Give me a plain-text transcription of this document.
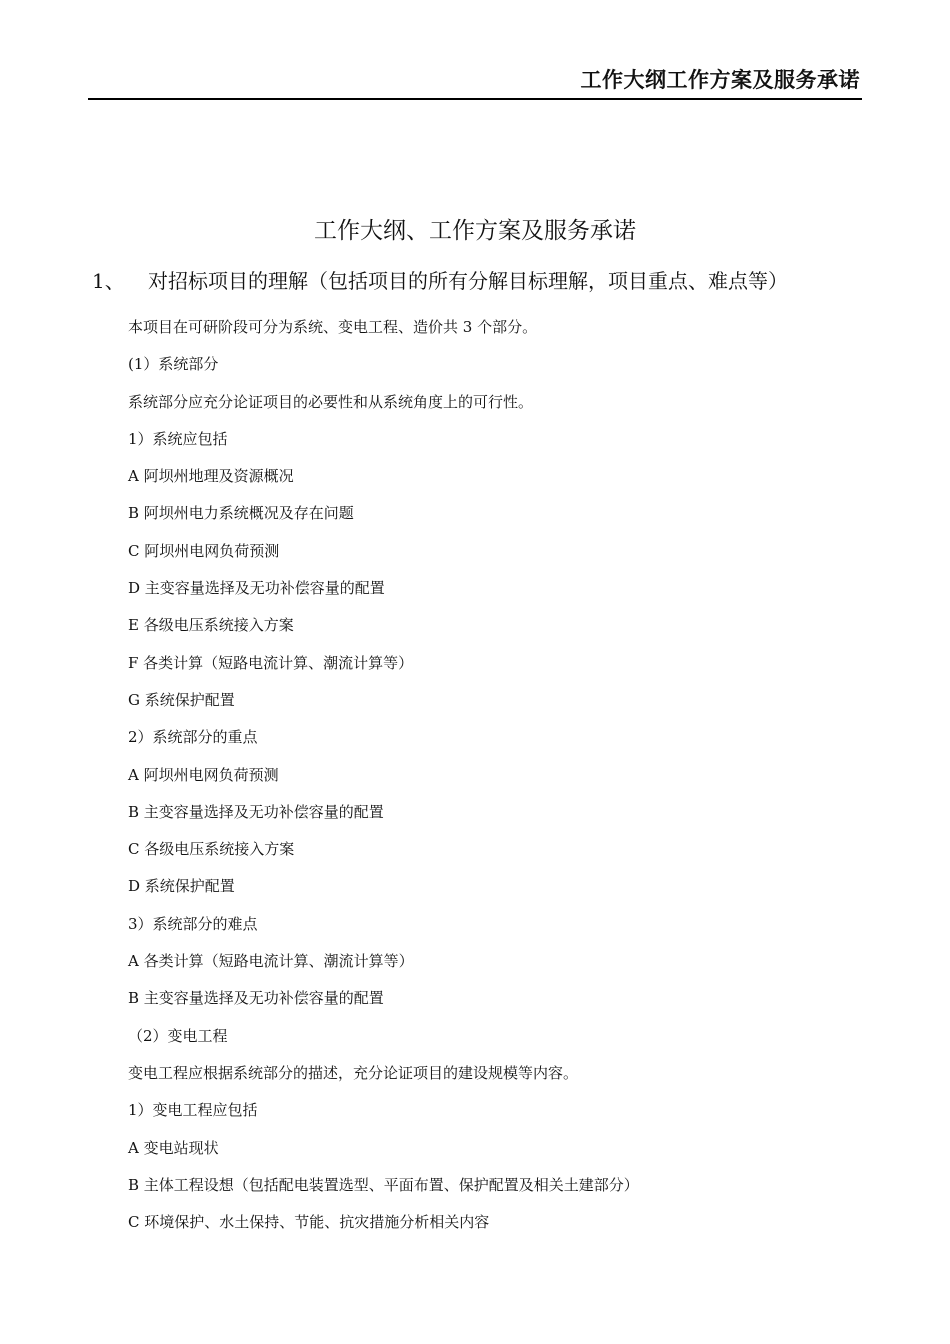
工作大纲工作方案及服务承诺
工作大纲、工作方案及服务承诺
1、 对招标项目的理解（包括项目的所有分解目标理解，项目重点、难点等）
本项目在可研阶段可分为系统、变电工程、造价共 3 个部分。
(1）系统部分
系统部分应充分论证项目的必要性和从系统角度上的可行性。
1）系统应包括
A 阿坝州地理及资源概况
B 阿坝州电力系统概况及存在问题
C 阿坝州电网负荷预测
D 主变容量选择及无功补偿容量的配置
E 各级电压系统接入方案
F 各类计算（短路电流计算、潮流计算等）
G 系统保护配置
2）系统部分的重点
A 阿坝州电网负荷预测
B 主变容量选择及无功补偿容量的配置
C 各级电压系统接入方案
D 系统保护配置
3）系统部分的难点
A 各类计算（短路电流计算、潮流计算等）
B 主变容量选择及无功补偿容量的配置
（2）变电工程
变电工程应根据系统部分的描述，充分论证项目的建设规模等内容。
1）变电工程应包括
A 变电站现状
B 主体工程设想（包括配电装置选型、平面布置、保护配置及相关土建部分）
C 环境保护、水土保持、节能、抗灾措施分析相关内容
